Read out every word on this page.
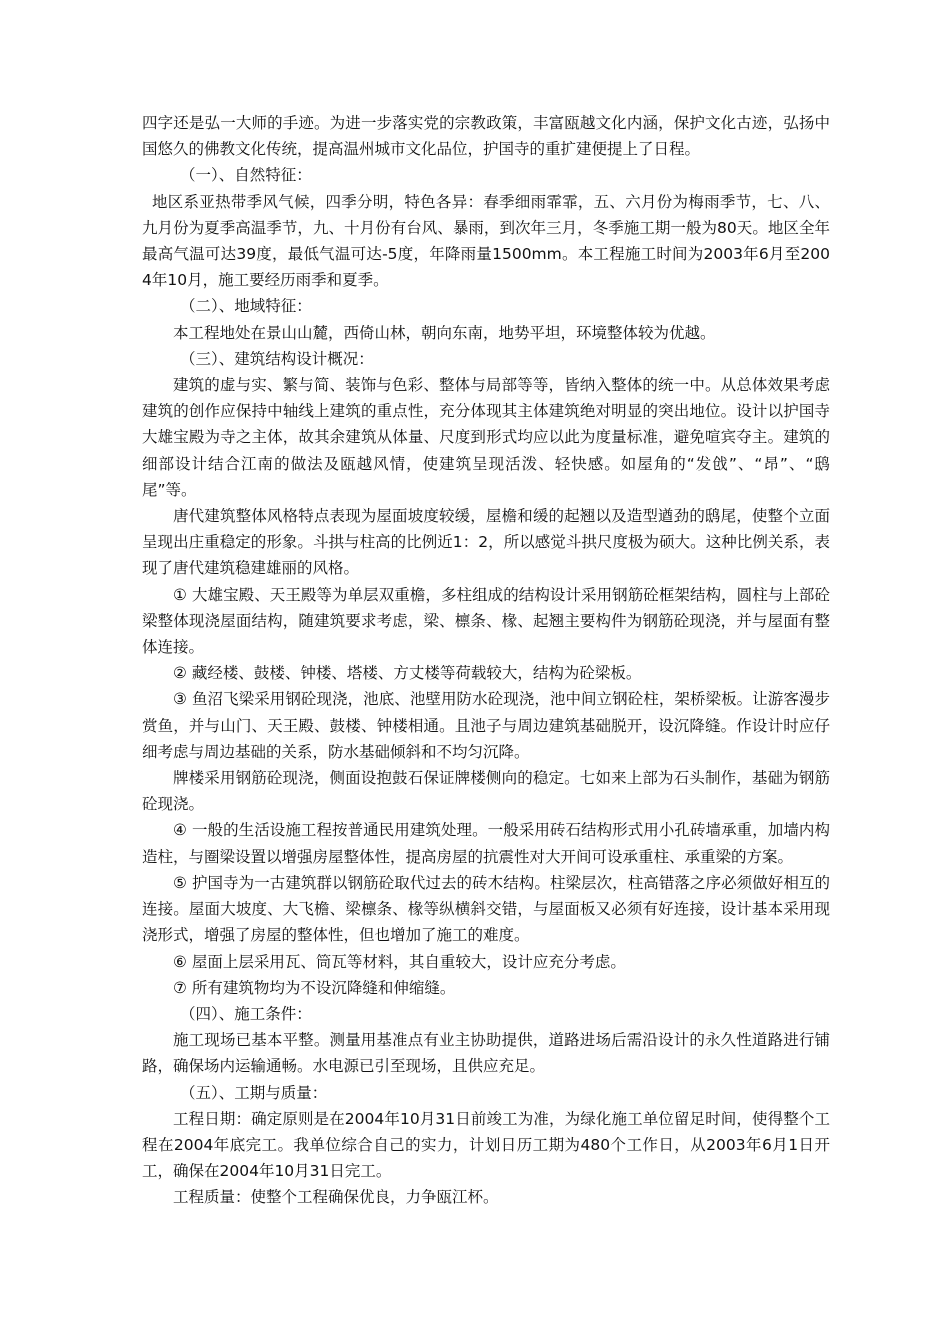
四字还是弘一大师的手迹。为进一步落实党的宗教政策，丰富瓯越文化内涵，保护文化古迹，弘扬中国悠久的佛教文化传统，提高温州城市文化品位，护国寺的重扩建便提上了日程。

（一）、自然特征：

地区系亚热带季风气候，四季分明，特色各异：春季细雨霏霏，五、六月份为梅雨季节，七、八、九月份为夏季高温季节，九、十月份有台风、暴雨，到次年三月，冬季施工期一般为80天。地区全年最高气温可达39度，最低气温可达-5度，年降雨量1500mm。本工程施工时间为2003年6月至2004年10月，施工要经历雨季和夏季。

（二）、地域特征：

本工程地处在景山山麓，西倚山林，朝向东南，地势平坦，环境整体较为优越。

（三）、建筑结构设计概况：

建筑的虚与实、繁与简、装饰与色彩、整体与局部等等，皆纳入整体的统一中。从总体效果考虑建筑的创作应保持中轴线上建筑的重点性，充分体现其主体建筑绝对明显的突出地位。设计以护国寺大雄宝殿为寺之主体，故其余建筑从体量、尺度到形式均应以此为度量标准，避免喧宾夺主。建筑的细部设计结合江南的做法及瓯越风情，使建筑呈现活泼、轻快感。如屋角的“发戗”、“昂”、“鸱尾”等。

唐代建筑整体风格特点表现为屋面坡度较缓，屋檐和缓的起翘以及造型遒劲的鸱尾，使整个立面呈现出庄重稳定的形象。斗拱与柱高的比例近1：2，所以感觉斗拱尺度极为硕大。这种比例关系，表现了唐代建筑稳建雄丽的风格。

① 大雄宝殿、天王殿等为单层双重檐，多柱组成的结构设计采用钢筋砼框架结构，圆柱与上部砼梁整体现浇屋面结构，随建筑要求考虑，梁、檩条、椽、起翘主要构件为钢筋砼现浇，并与屋面有整体连接。

② 藏经楼、鼓楼、钟楼、塔楼、方丈楼等荷载较大，结构为砼梁板。

③ 鱼沼飞梁采用钢砼现浇，池底、池壁用防水砼现浇，池中间立钢砼柱，架桥梁板。让游客漫步赏鱼，并与山门、天王殿、鼓楼、钟楼相通。且池子与周边建筑基础脱开，设沉降缝。作设计时应仔细考虑与周边基础的关系，防水基础倾斜和不均匀沉降。

牌楼采用钢筋砼现浇，侧面设抱鼓石保证牌楼侧向的稳定。七如来上部为石头制作，基础为钢筋砼现浇。

④ 一般的生活设施工程按普通民用建筑处理。一般采用砖石结构形式用小孔砖墙承重，加墙内构造柱，与圈梁设置以增强房屋整体性，提高房屋的抗震性对大开间可设承重柱、承重梁的方案。

⑤ 护国寺为一古建筑群以钢筋砼取代过去的砖木结构。柱梁层次，柱高错落之序必须做好相互的连接。屋面大坡度、大飞檐、梁檩条、椽等纵横斜交错，与屋面板又必须有好连接，设计基本采用现浇形式，增强了房屋的整体性，但也增加了施工的难度。

⑥ 屋面上层采用瓦、筒瓦等材料，其自重较大，设计应充分考虑。

⑦ 所有建筑物均为不设沉降缝和伸缩缝。

（四）、施工条件：

施工现场已基本平整。测量用基准点有业主协助提供，道路进场后需沿设计的永久性道路进行铺路，确保场内运输通畅。水电源已引至现场，且供应充足。

（五）、工期与质量：

工程日期：确定原则是在2004年10月31日前竣工为准，为绿化施工单位留足时间，使得整个工程在2004年底完工。我单位综合自己的实力，计划日历工期为480个工作日，从2003年6月1日开工，确保在2004年10月31日完工。

工程质量：使整个工程确保优良，力争瓯江杯。
